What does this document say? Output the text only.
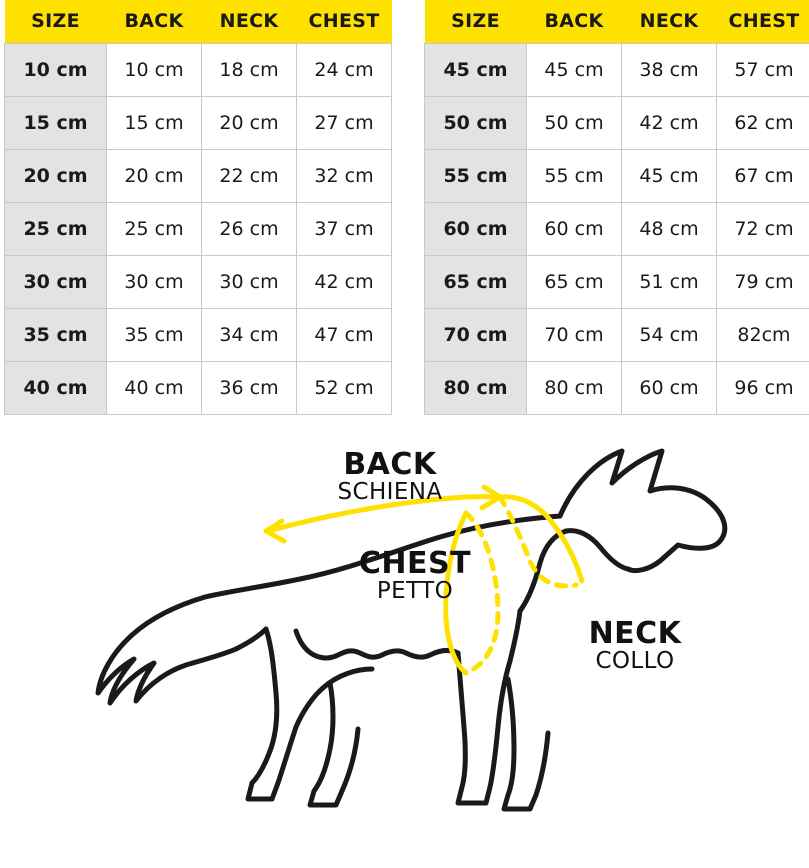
SIZE	BACK	NECK	CHEST
10 cm	10 cm	18 cm	24 cm
15 cm	15 cm	20 cm	27 cm
20 cm	20 cm	22 cm	32 cm
25 cm	25 cm	26 cm	37 cm
30 cm	30 cm	30 cm	42 cm
35 cm	35 cm	34 cm	47 cm
40 cm	40 cm	36 cm	52 cm
SIZE	BACK	NECK	CHEST
45 cm	45 cm	38 cm	57 cm
50 cm	50 cm	42 cm	62 cm
55 cm	55 cm	45 cm	67 cm
60 cm	60 cm	48 cm	72 cm
65 cm	65 cm	51 cm	79 cm
70 cm	70 cm	54 cm	82cm
80 cm	80 cm	60 cm	96 cm
BACK
SCHIENA
CHEST
PETTO
NECK
COLLO
